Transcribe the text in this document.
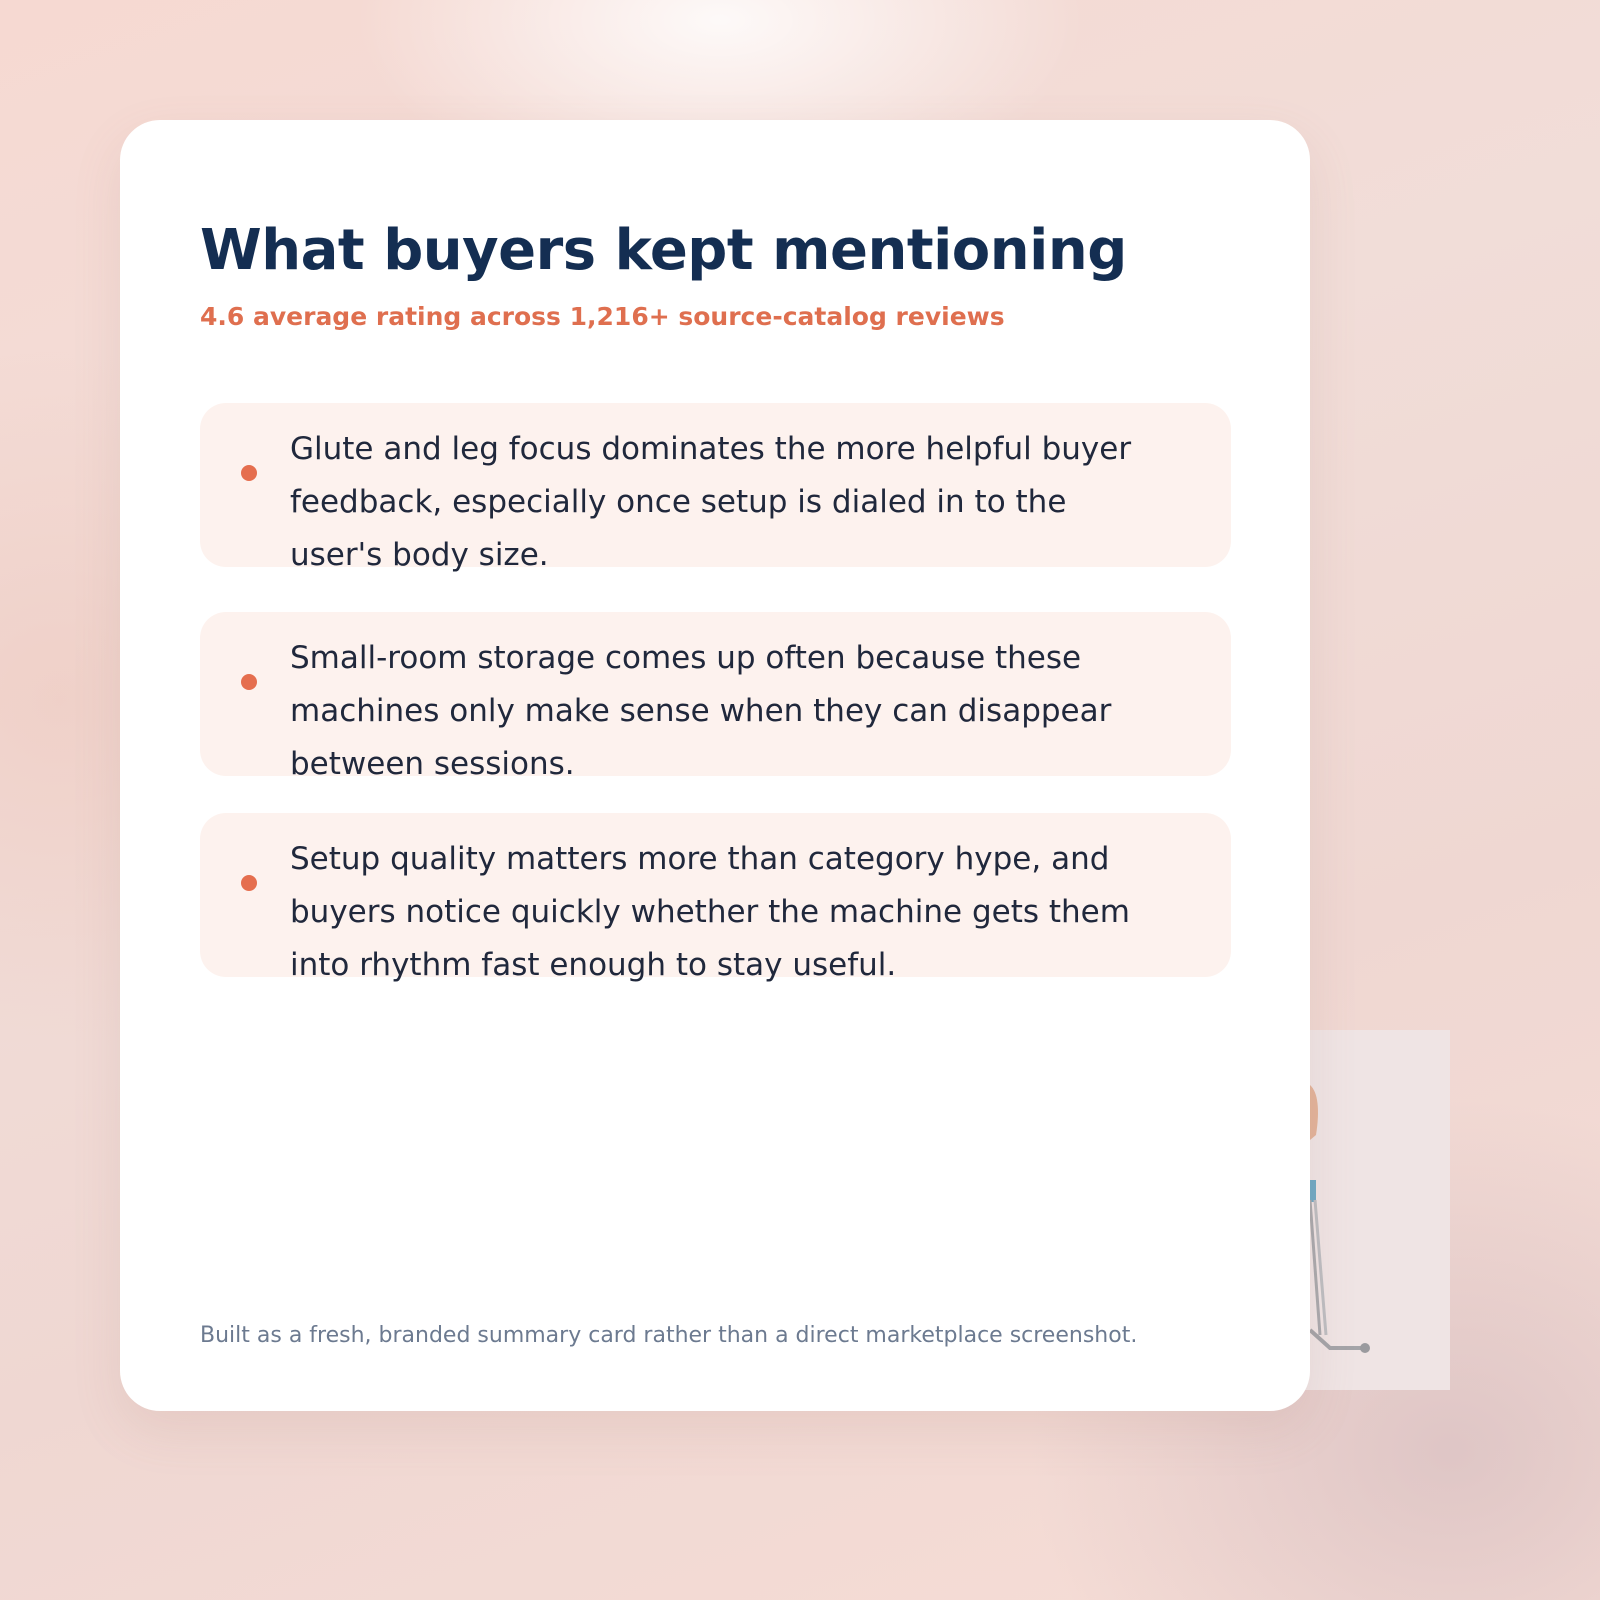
What buyers kept mentioning

4.6 average rating across 1,216+ source-catalog reviews

Glute and leg focus dominates the more helpful buyer feedback, especially once setup is dialed in to the user's body size.
Small-room storage comes up often because these machines only make sense when they can disappear between sessions.
Setup quality matters more than category hype, and buyers notice quickly whether the machine gets them into rhythm fast enough to stay useful.

Built as a fresh, branded summary card rather than a direct marketplace screenshot.
